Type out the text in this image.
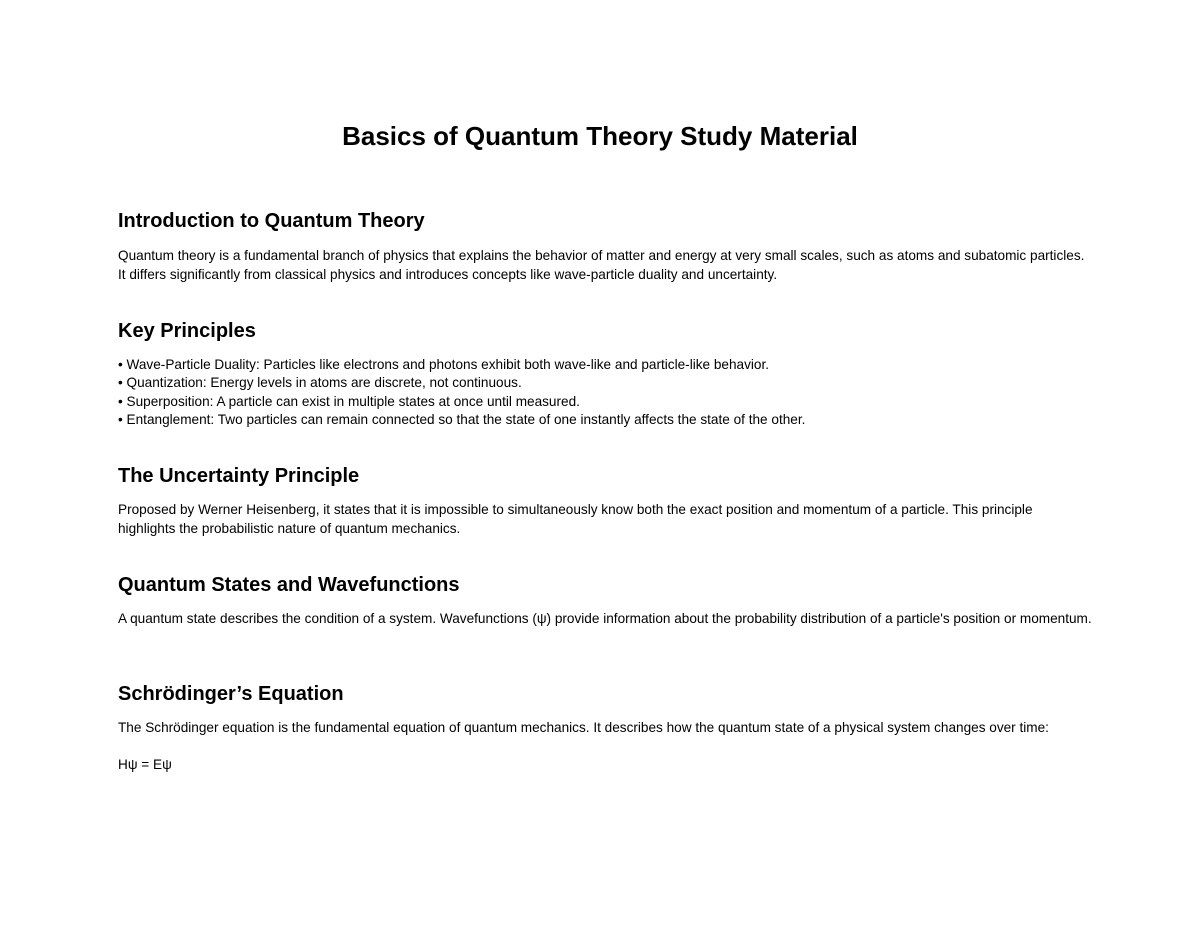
Basics of Quantum Theory Study Material
Introduction to Quantum Theory

Quantum theory is a fundamental branch of physics that explains the behavior of matter and energy at very small scales, such as atoms and subatomic particles. It differs significantly from classical physics and introduces concepts like wave-particle duality and uncertainty.

Key Principles
• Wave-Particle Duality: Particles like electrons and photons exhibit both wave-like and particle-like behavior.
• Quantization: Energy levels in atoms are discrete, not continuous.
• Superposition: A particle can exist in multiple states at once until measured.
• Entanglement: Two particles can remain connected so that the state of one instantly affects the state of the other.
The Uncertainty Principle

Proposed by Werner Heisenberg, it states that it is impossible to simultaneously know both the exact position and momentum of a particle. This principle highlights the probabilistic nature of quantum mechanics.

Quantum States and Wavefunctions

A quantum state describes the condition of a system. Wavefunctions (ψ) provide information about the probability distribution of a particle's position or momentum.

Schrödinger’s Equation

The Schrödinger equation is the fundamental equation of quantum mechanics. It describes how the quantum state of a physical system changes over time:

Hψ = Eψ
